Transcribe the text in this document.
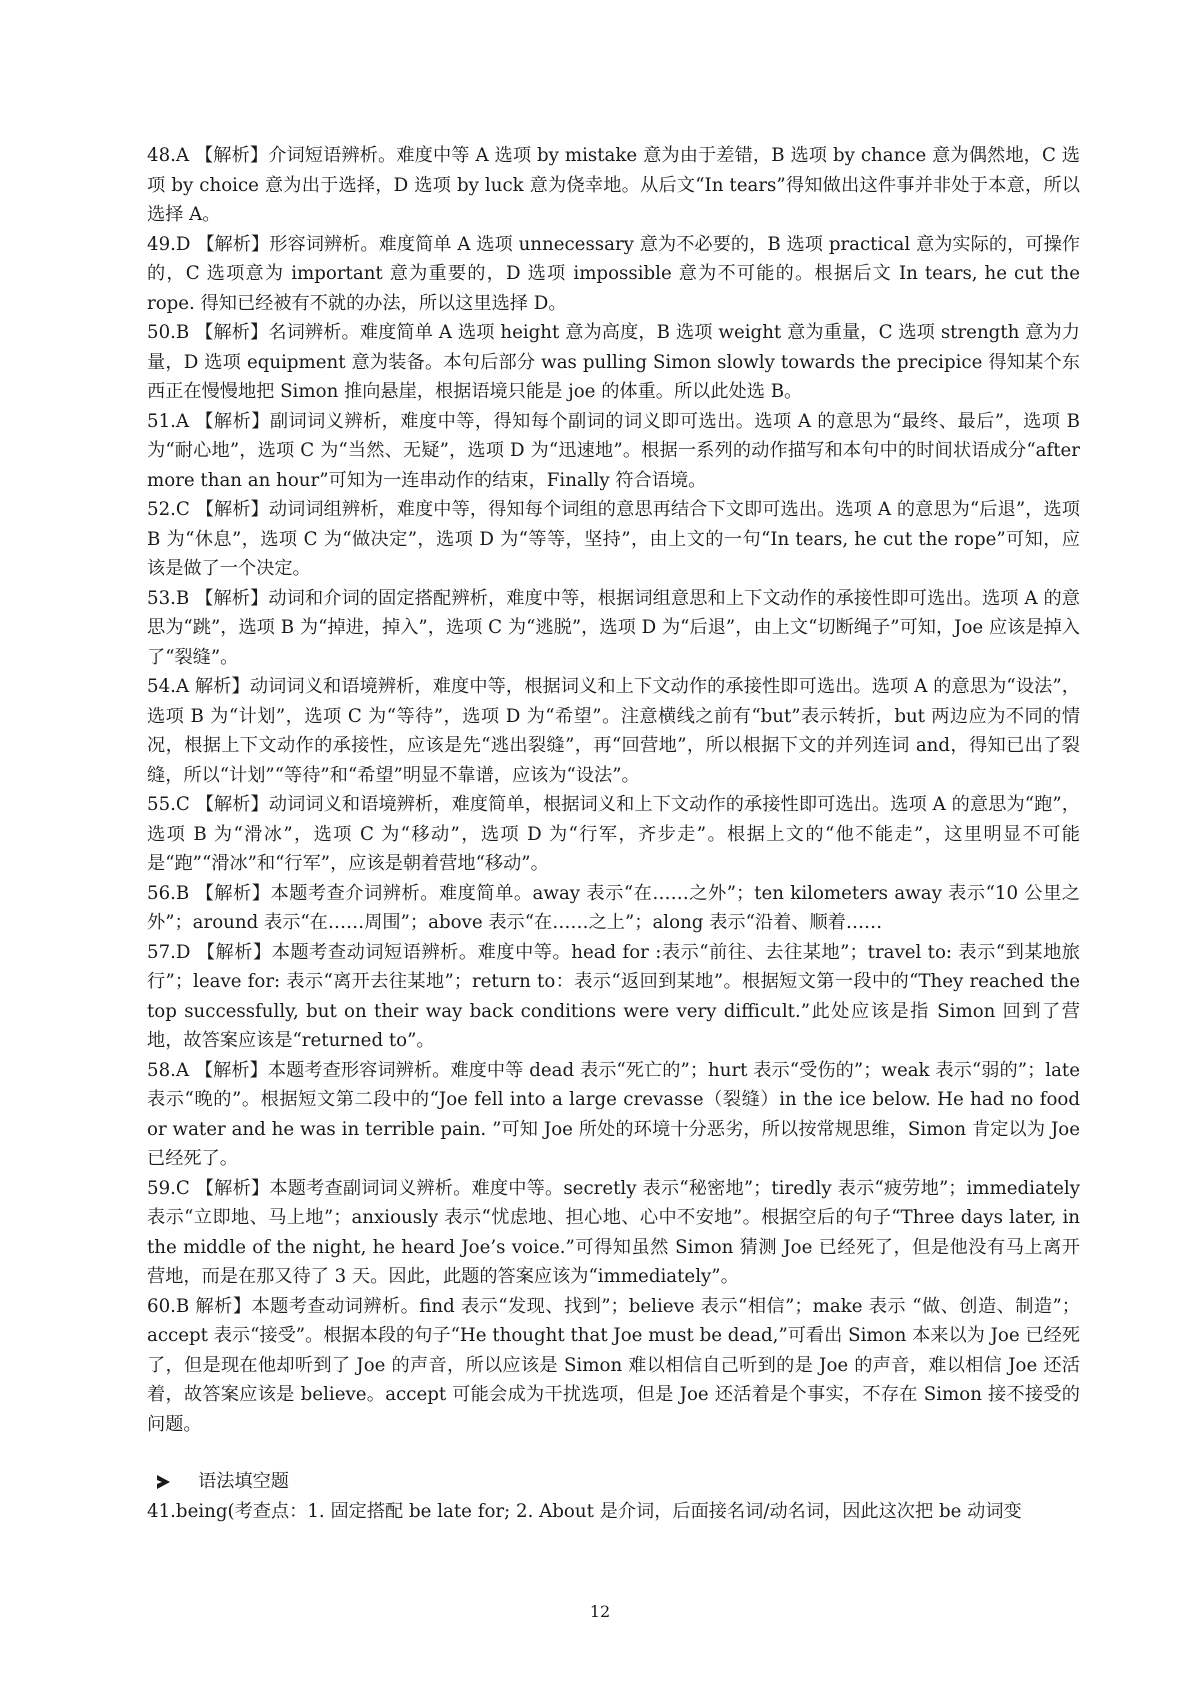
48.A 【解析】介词短语辨析。难度中等 A 选项 by mistake 意为由于差错，B 选项 by chance 意为偶然地，C 选项 by choice 意为出于选择，D 选项 by luck 意为侥幸地。从后文“In tears”得知做出这件事并非处于本意，所以选择 A。

49.D 【解析】形容词辨析。难度简单 A 选项 unnecessary 意为不必要的，B 选项 practical 意为实际的，可操作的，C 选项意为 important 意为重要的，D 选项 impossible 意为不可能的。根据后文 In tears, he cut the rope. 得知已经被有不就的办法，所以这里选择 D。

50.B 【解析】名词辨析。难度简单 A 选项 height 意为高度，B 选项 weight 意为重量，C 选项 strength 意为力量，D 选项 equipment 意为装备。本句后部分 was pulling Simon slowly towards the precipice 得知某个东西正在慢慢地把 Simon 推向悬崖，根据语境只能是 joe 的体重。所以此处选 B。

51.A 【解析】副词词义辨析，难度中等，得知每个副词的词义即可选出。选项 A 的意思为“最终、最后”，选项 B 为“耐心地”，选项 C 为“当然、无疑”，选项 D 为“迅速地”。根据一系列的动作描写和本句中的时间状语成分“after more than an hour”可知为一连串动作的结束，Finally 符合语境。

52.C 【解析】动词词组辨析，难度中等，得知每个词组的意思再结合下文即可选出。选项 A 的意思为“后退”，选项 B 为“休息”，选项 C 为“做决定”，选项 D 为“等等，坚持”，由上文的一句“In tears, he cut the rope”可知，应该是做了一个决定。

53.B 【解析】动词和介词的固定搭配辨析，难度中等，根据词组意思和上下文动作的承接性即可选出。选项 A 的意思为“跳”，选项 B 为“掉进，掉入”，选项 C 为“逃脱”，选项 D 为“后退”，由上文“切断绳子”可知，Joe 应该是掉入了“裂缝”。

54.A 解析】动词词义和语境辨析，难度中等，根据词义和上下文动作的承接性即可选出。选项 A 的意思为“设法”，选项 B 为“计划”，选项 C 为“等待”，选项 D 为“希望”。注意横线之前有“but”表示转折，but 两边应为不同的情况，根据上下文动作的承接性，应该是先“逃出裂缝”，再“回营地”，所以根据下文的并列连词 and，得知已出了裂缝，所以“计划”“等待”和“希望”明显不靠谱，应该为“设法”。

55.C 【解析】动词词义和语境辨析，难度简单，根据词义和上下文动作的承接性即可选出。选项 A 的意思为“跑”，选项 B 为“滑冰”，选项 C 为“移动”，选项 D 为“行军，齐步走”。根据上文的“他不能走”，这里明显不可能是“跑”“滑冰”和“行军”，应该是朝着营地“移动”。

56.B 【解析】本题考查介词辨析。难度简单。away 表示“在……之外”；ten kilometers away 表示“10 公里之外”；around 表示“在……周围”；above 表示“在……之上”；along 表示“沿着、顺着……

57.D 【解析】本题考查动词短语辨析。难度中等。head for :表示“前往、去往某地”；travel to: 表示“到某地旅行”；leave for: 表示“离开去往某地”；return to：表示“返回到某地”。根据短文第一段中的“They reached the top successfully, but on their way back conditions were very difficult.”此处应该是指 Simon 回到了营地，故答案应该是“returned to”。

58.A 【解析】本题考查形容词辨析。难度中等 dead 表示“死亡的”；hurt 表示“受伤的”；weak 表示“弱的”；late 表示“晚的”。根据短文第二段中的“Joe fell into a large crevasse（裂缝）in the ice below. He had no food or water and he was in terrible pain. ”可知 Joe 所处的环境十分恶劣，所以按常规思维，Simon 肯定以为 Joe 已经死了。

59.C 【解析】本题考查副词词义辨析。难度中等。secretly 表示“秘密地”；tiredly 表示“疲劳地”；immediately 表示“立即地、马上地”；anxiously 表示“忧虑地、担心地、心中不安地”。根据空后的句子“Three days later, in the middle of the night, he heard Joe’s voice.”可得知虽然 Simon 猜测 Joe 已经死了，但是他没有马上离开营地，而是在那又待了 3 天。因此，此题的答案应该为“immediately”。

60.B 解析】本题考查动词辨析。find 表示“发现、找到”；believe 表示“相信”；make 表示 “做、创造、制造”；accept 表示“接受”。根据本段的句子“He thought that Joe must be dead,”可看出 Simon 本来以为 Joe 已经死了，但是现在他却听到了 Joe 的声音，所以应该是 Simon 难以相信自己听到的是 Joe 的声音，难以相信 Joe 还活着，故答案应该是 believe。accept 可能会成为干扰选项，但是 Joe 还活着是个事实，不存在 Simon 接不接受的问题。

语法填空题

41.being(考查点：1. 固定搭配 be late for; 2. About 是介词，后面接名词/动名词，因此这次把 be 动词变

12
